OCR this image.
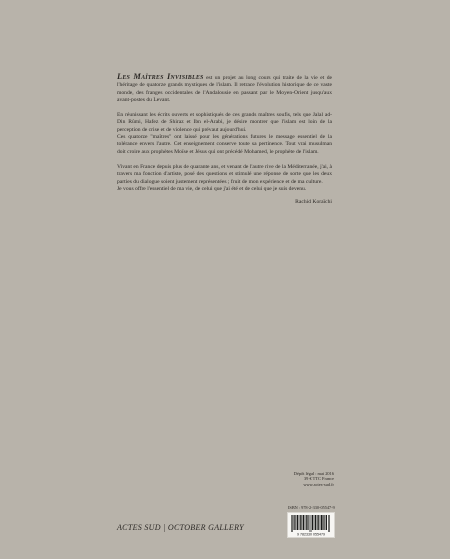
Les Maîtres Invisibles est un projet au long cours qui traite de la vie et de l'héritage de quatorze grands mystiques de l'islam. Il retrace l'évolution historique de ce vaste monde, des franges occidentales de l'Andalousie en passant par le Moyen-Orient jusqu'aux avant-postes du Levant.

En réunissant les écrits ouverts et sophistiqués de ces grands maîtres soufis, tels que Jalal ad-Din Rûmi, Hafez de Shiraz et Ibn el-Arabi, je désire montrer que l'islam est loin de la perception de crise et de violence qui prévaut aujourd'hui.
Ces quatorze "maîtres" ont laissé pour les générations futures le message essentiel de la tolérance envers l'autre. Cet enseignement conserve toute sa pertinence. Tout vrai musulman doit croire aux prophètes Moïse et Jésus qui ont précédé Mohamed, le prophète de l'islam.

Vivant en France depuis plus de quarante ans, et venant de l'autre rive de la Méditerranée, j'ai, à travers ma fonction d'artiste, posé des questions et stimulé une réponse de sorte que les deux parties du dialogue soient justement représentées ; fruit de mon expérience et de ma culture.
Je vous offre l'essentiel de ma vie, de celui que j'ai été et de celui que je suis devenu.

Rachid Koraïchi
Dépôt légal : mai 2016
39 € TTC France
www.actes-sud.fr
ISBN : 978-2-330-05547-9
9 782330 055479
ACTES SUD | OCTOBER GALLERY
